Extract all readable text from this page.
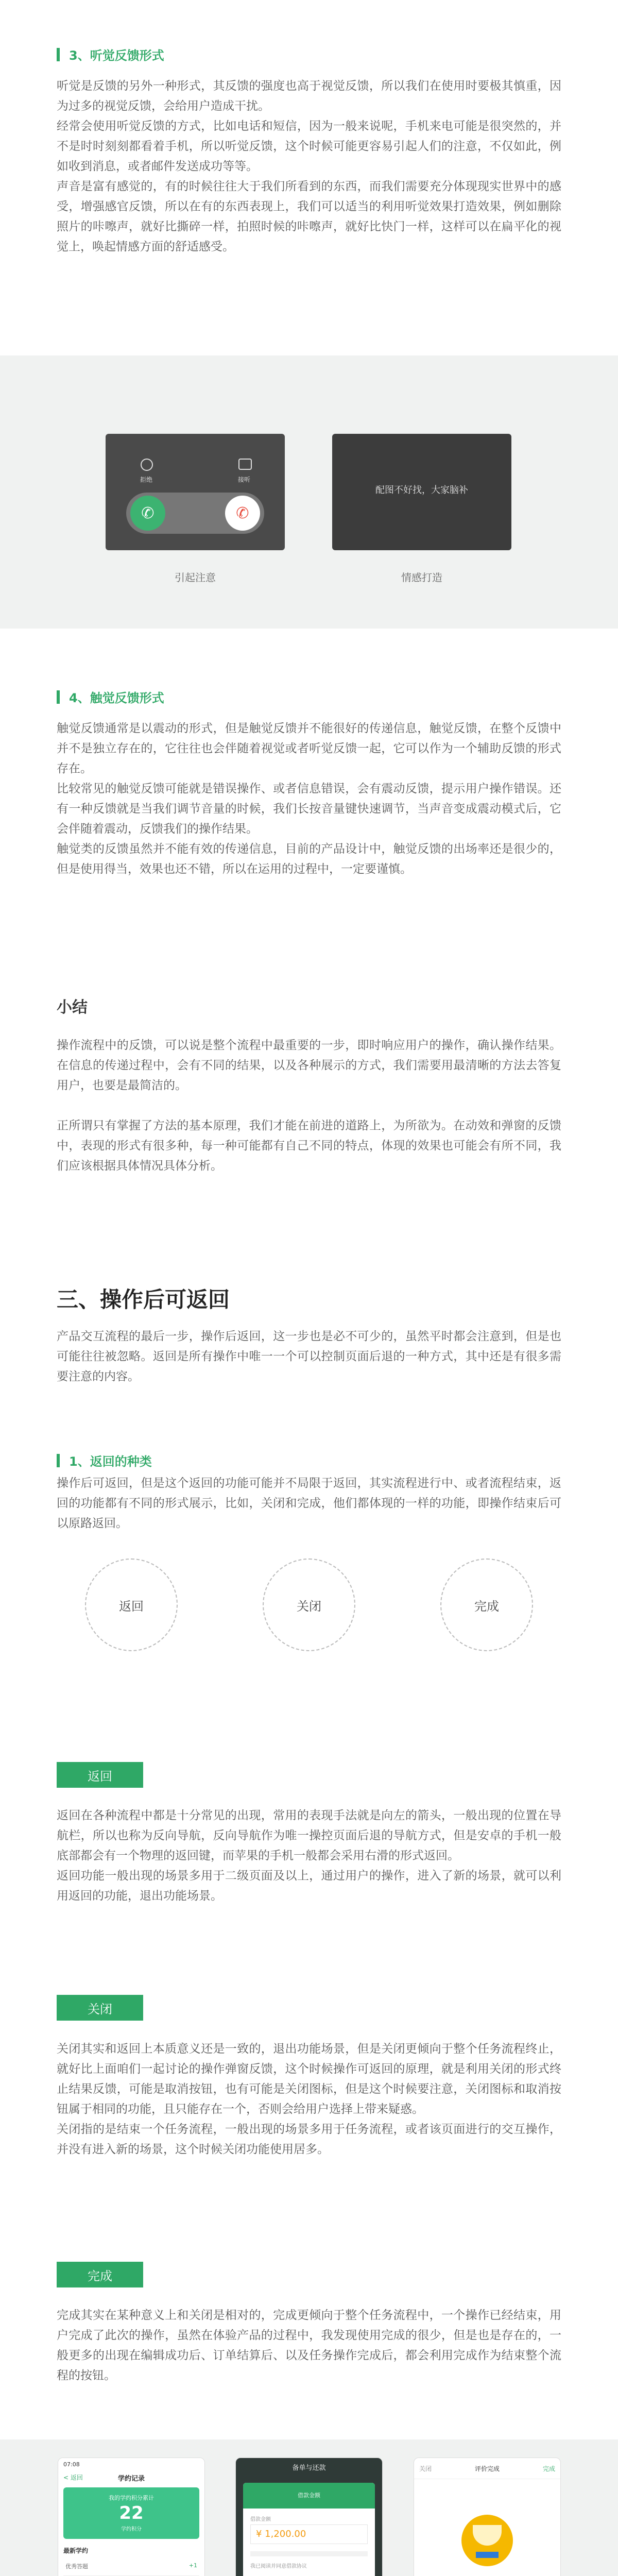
3、听觉反馈形式
听觉是反馈的另外一种形式，其反馈的强度也高于视觉反馈，所以我们在使用时要极其慎重，因为过多的视觉反馈，会给用户造成干扰。
经常会使用听觉反馈的方式，比如电话和短信，因为一般来说呢，手机来电可能是很突然的，并不是时时刻刻都看着手机，所以听觉反馈，这个时候可能更容易引起人们的注意，不仅如此，例如收到消息，或者邮件发送成功等等。
声音是富有感觉的，有的时候往往大于我们所看到的东西，而我们需要充分体现现实世界中的感受，增强感官反馈，所以在有的东西表现上，我们可以适当的利用听觉效果打造效果，例如删除照片的咔嚓声，就好比撕碎一样，拍照时候的咔嚓声，就好比快门一样，这样可以在扁平化的视觉上，唤起情感方面的舒适感受。
拒绝	接听
✆	✆
引起注意
配图不好找，大家脑补
情感打造
4、触觉反馈形式
触觉反馈通常是以震动的形式，但是触觉反馈并不能很好的传递信息，触觉反馈，在整个反馈中并不是独立存在的，它往往也会伴随着视觉或者听觉反馈一起，它可以作为一个辅助反馈的形式存在。
比较常见的触觉反馈可能就是错误操作、或者信息错误，会有震动反馈，提示用户操作错误。还有一种反馈就是当我们调节音量的时候，我们长按音量键快速调节，当声音变成震动模式后，它会伴随着震动，反馈我们的操作结果。
触觉类的反馈虽然并不能有效的传递信息，目前的产品设计中，触觉反馈的出场率还是很少的，但是使用得当，效果也还不错，所以在运用的过程中，一定要谨慎。
小结
操作流程中的反馈，可以说是整个流程中最重要的一步，即时响应用户的操作，确认操作结果。在信息的传递过程中，会有不同的结果，以及各种展示的方式，我们需要用最清晰的方法去答复用户，也要是最简洁的。
正所谓只有掌握了方法的基本原理，我们才能在前进的道路上，为所欲为。在动效和弹窗的反馈中，表现的形式有很多种，每一种可能都有自己不同的特点，体现的效果也可能会有所不同，我们应该根据具体情况具体分析。
三、操作后可返回
产品交互流程的最后一步，操作后返回，这一步也是必不可少的，虽然平时都会注意到，但是也可能往往被忽略。返回是所有操作中唯一一个可以控制页面后退的一种方式，其中还是有很多需要注意的内容。
1、返回的种类
操作后可返回，但是这个返回的功能可能并不局限于返回，其实流程进行中、或者流程结束，返回的功能都有不同的形式展示，比如，关闭和完成，他们都体现的一样的功能，即操作结束后可以原路返回。
返回	关闭	完成
返回
返回在各种流程中都是十分常见的出现，常用的表现手法就是向左的箭头，一般出现的位置在导航栏，所以也称为反向导航，反向导航作为唯一操控页面后退的导航方式，但是安卓的手机一般底部都会有一个物理的返回键，而苹果的手机一般都会采用右滑的形式返回。
返回功能一般出现的场景多用于二级页面及以上，通过用户的操作，进入了新的场景，就可以利用返回的功能，退出功能场景。
关闭
关闭其实和返回上本质意义还是一致的，退出功能场景，但是关闭更倾向于整个任务流程终止，就好比上面咱们一起讨论的操作弹窗反馈，这个时候操作可返回的原理，就是利用关闭的形式终止结果反馈，可能是取消按钮，也有可能是关闭图标，但是这个时候要注意，关闭图标和取消按钮属于相同的功能，且只能存在一个，否则会给用户选择上带来疑惑。
关闭指的是结束一个任务流程，一般出现的场景多用于任务流程，或者该页面进行的交互操作，并没有进入新的场景，这个时候关闭功能使用居多。
完成
完成其实在某种意义上和关闭是相对的，完成更倾向于整个任务流程中，一个操作已经结束，用户完成了此次的操作，虽然在体验产品的过程中，我发现使用完成的很少，但是也是存在的，一般更多的出现在编辑成功后、订单结算后、以及任务操作完成后，都会利用完成作为结束整个流程的按钮。
07:08
< 返回	学约记录
我的学约积分累计
22
学约积分
最新学约
优秀答题	+1
备单与还款
借款金额
借款金额
¥ 1,200.00
我已阅读并同意借款协议
关闭	评价完成	完成
